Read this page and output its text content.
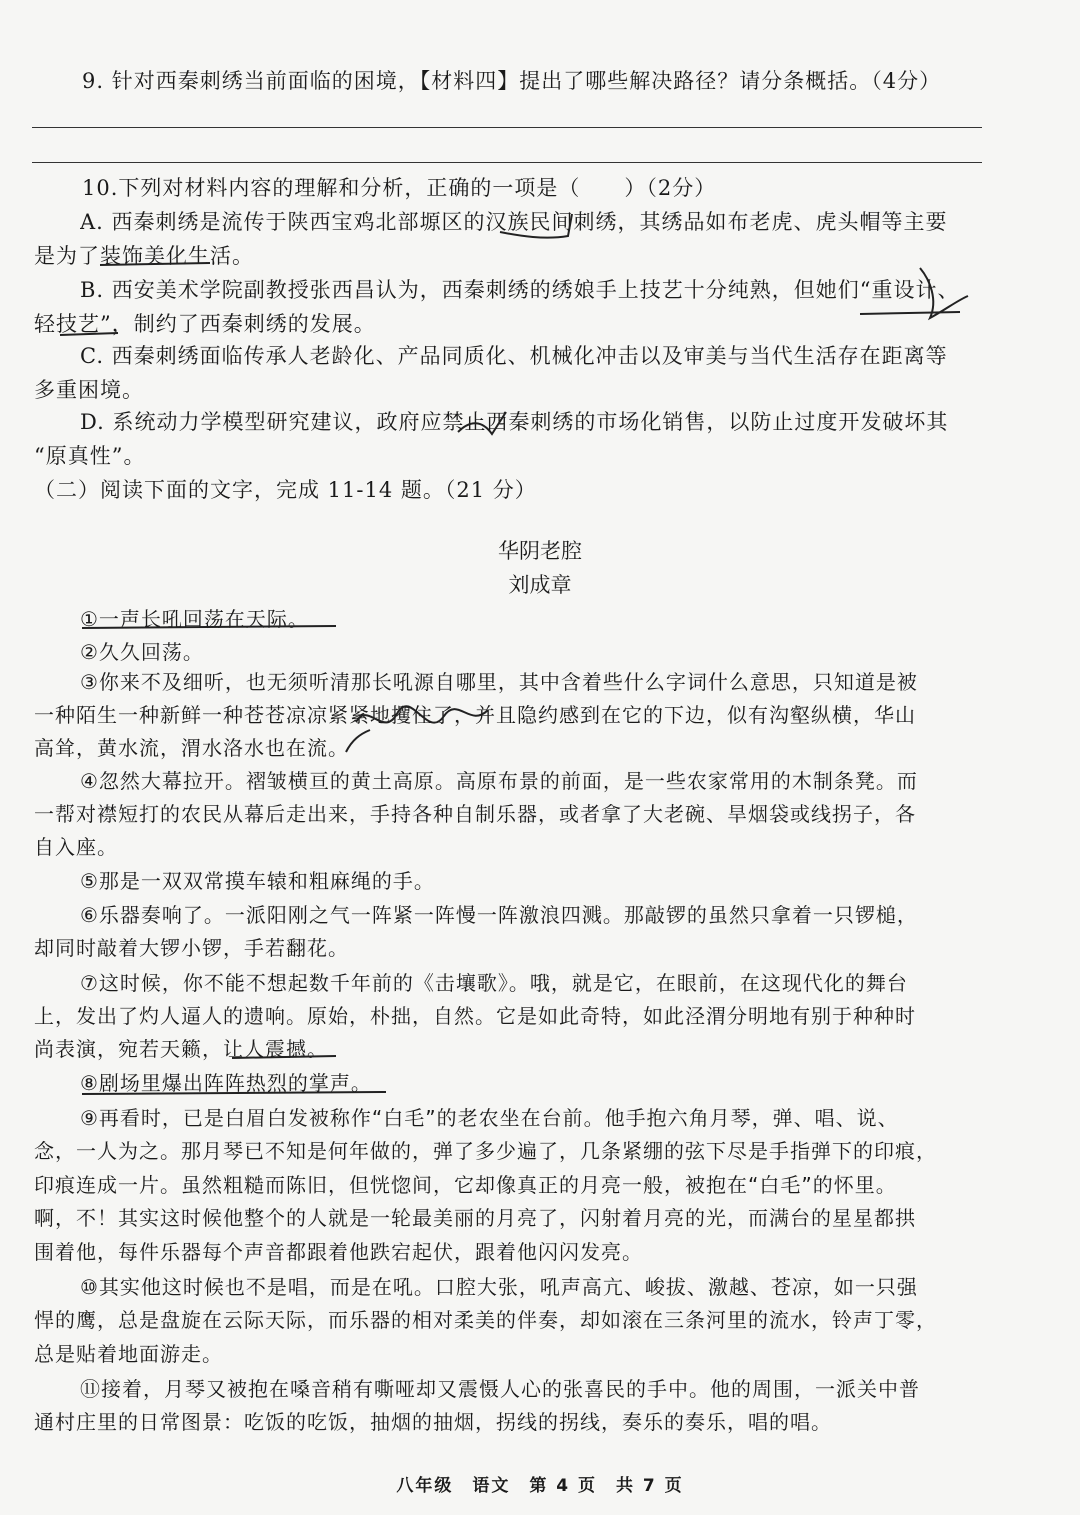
9. 针对西秦刺绣当前面临的困境，【材料四】提出了哪些解决路径？请分条概括。（4分）
10.下列对材料内容的理解和分析，正确的一项是（　　）（2分）
A. 西秦刺绣是流传于陕西宝鸡北部塬区的汉族民间刺绣，其绣品如布老虎、虎头帽等主要
是为了装饰美化生活。
B. 西安美术学院副教授张西昌认为，西秦刺绣的绣娘手上技艺十分纯熟，但她们“重设计、
轻技艺”，制约了西秦刺绣的发展。
C. 西秦刺绣面临传承人老龄化、产品同质化、机械化冲击以及审美与当代生活存在距离等
多重困境。
D. 系统动力学模型研究建议，政府应禁止西秦刺绣的市场化销售，以防止过度开发破坏其
“原真性”。
（二）阅读下面的文字，完成 11-14 题。（21 分）
华阴老腔
刘成章
①一声长吼回荡在天际。
②久久回荡。
③你来不及细听，也无须听清那长吼源自哪里，其中含着些什么字词什么意思，只知道是被
一种陌生一种新鲜一种苍苍凉凉紧紧地攫住了，并且隐约感到在它的下边，似有沟壑纵横，华山
高耸，黄水流，渭水洛水也在流。
④忽然大幕拉开。褶皱横亘的黄土高原。高原布景的前面，是一些农家常用的木制条凳。而
一帮对襟短打的农民从幕后走出来，手持各种自制乐器，或者拿了大老碗、旱烟袋或线拐子，各
自入座。
⑤那是一双双常摸车辕和粗麻绳的手。
⑥乐器奏响了。一派阳刚之气一阵紧一阵慢一阵激浪四溅。那敲锣的虽然只拿着一只锣槌，
却同时敲着大锣小锣，手若翻花。
⑦这时候，你不能不想起数千年前的《击壤歌》。哦，就是它，在眼前，在这现代化的舞台
上，发出了灼人逼人的遗响。原始，朴拙，自然。它是如此奇特，如此泾渭分明地有别于种种时
尚表演，宛若天籁，让人震撼。
⑧剧场里爆出阵阵热烈的掌声。
⑨再看时，已是白眉白发被称作“白毛”的老农坐在台前。他手抱六角月琴，弹、唱、说、
念，一人为之。那月琴已不知是何年做的，弹了多少遍了，几条紧绷的弦下尽是手指弹下的印痕，
印痕连成一片。虽然粗糙而陈旧，但恍惚间，它却像真正的月亮一般，被抱在“白毛”的怀里。
啊，不！其实这时候他整个的人就是一轮最美丽的月亮了，闪射着月亮的光，而满台的星星都拱
围着他，每件乐器每个声音都跟着他跌宕起伏，跟着他闪闪发亮。
⑩其实他这时候也不是唱，而是在吼。口腔大张，吼声高亢、峻拔、激越、苍凉，如一只强
悍的鹰，总是盘旋在云际天际，而乐器的相对柔美的伴奏，却如滚在三条河里的流水，铃声丁零，
总是贴着地面游走。
⑪接着，月琴又被抱在嗓音稍有嘶哑却又震慑人心的张喜民的手中。他的周围，一派关中普
通村庄里的日常图景：吃饭的吃饭，抽烟的抽烟，拐线的拐线，奏乐的奏乐，唱的唱。
八年级　语文　第 4 页　共 7 页
